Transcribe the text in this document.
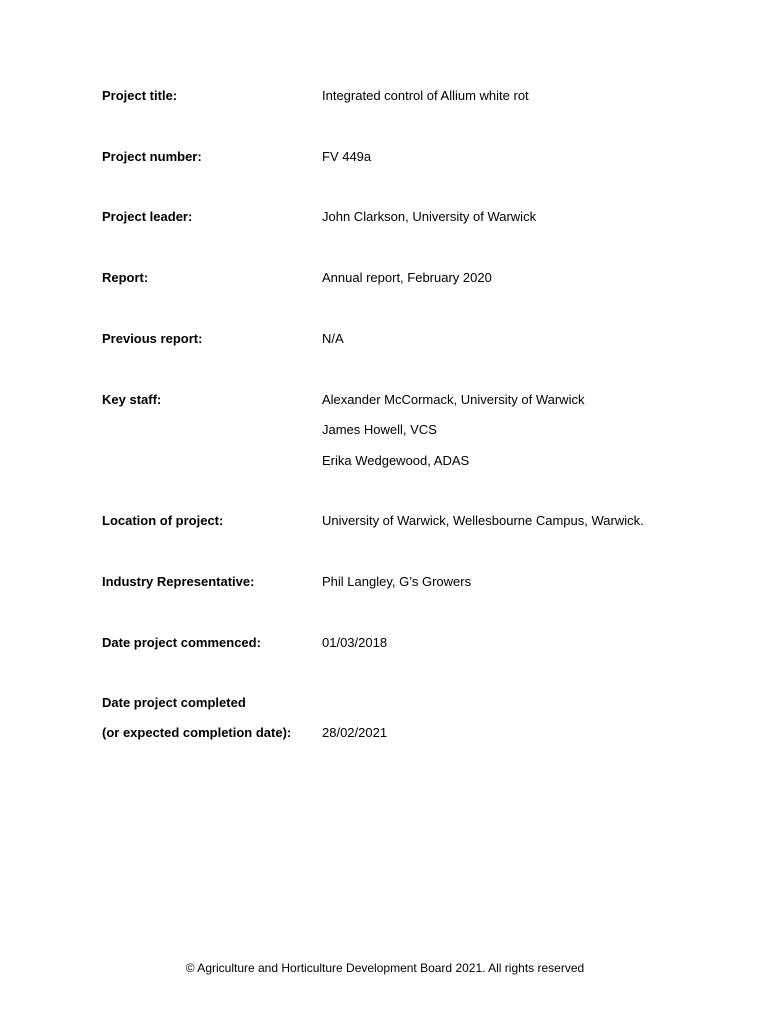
Project title:	Integrated control of Allium white rot
Project number:	FV 449a
Project leader:	John Clarkson, University of Warwick
Report:	Annual report, February 2020
Previous report:	N/A
Key staff:	Alexander McCormack, University of Warwick
James Howell, VCS
Erika Wedgewood, ADAS
Location of project:	University of Warwick, Wellesbourne Campus, Warwick.
Industry Representative:	Phil Langley, G’s Growers
Date project commenced:	01/03/2018
Date project completed
(or expected completion date): 28/02/2021
© Agriculture and Horticulture Development Board 2021. All rights reserved
